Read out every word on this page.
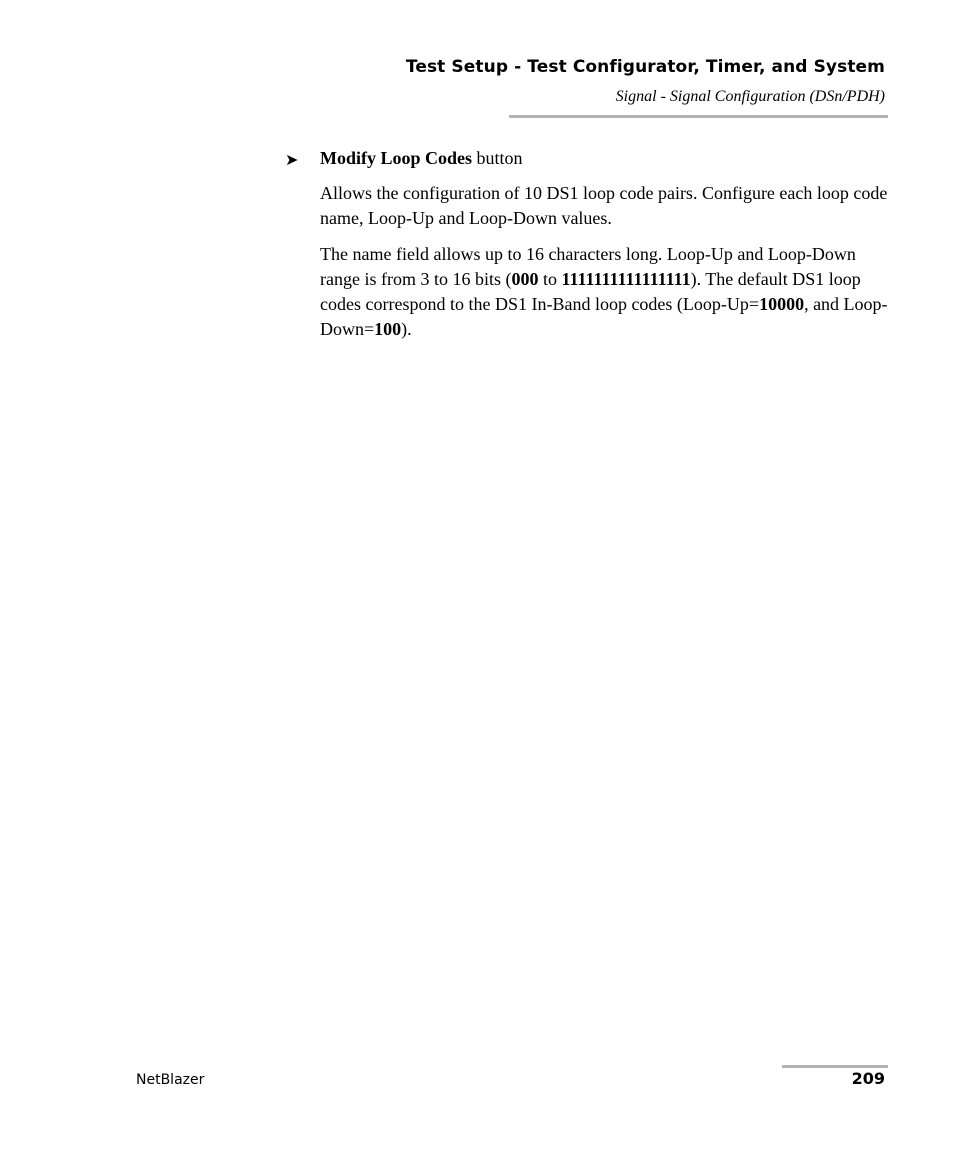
Test Setup - Test Configurator, Timer, and System
Signal - Signal Configuration (DSn/PDH)
➤ Modify Loop Codes button

Allows the configuration of 10 DS1 loop code pairs. Configure each loop code name, Loop-Up and Loop-Down values.

The name field allows up to 16 characters long. Loop-Up and Loop-Down range is from 3 to 16 bits (000 to 1111111111111111). The default DS1 loop codes correspond to the DS1 In-Band loop codes (Loop-Up=10000, and Loop-Down=100).

NetBlazer	209
